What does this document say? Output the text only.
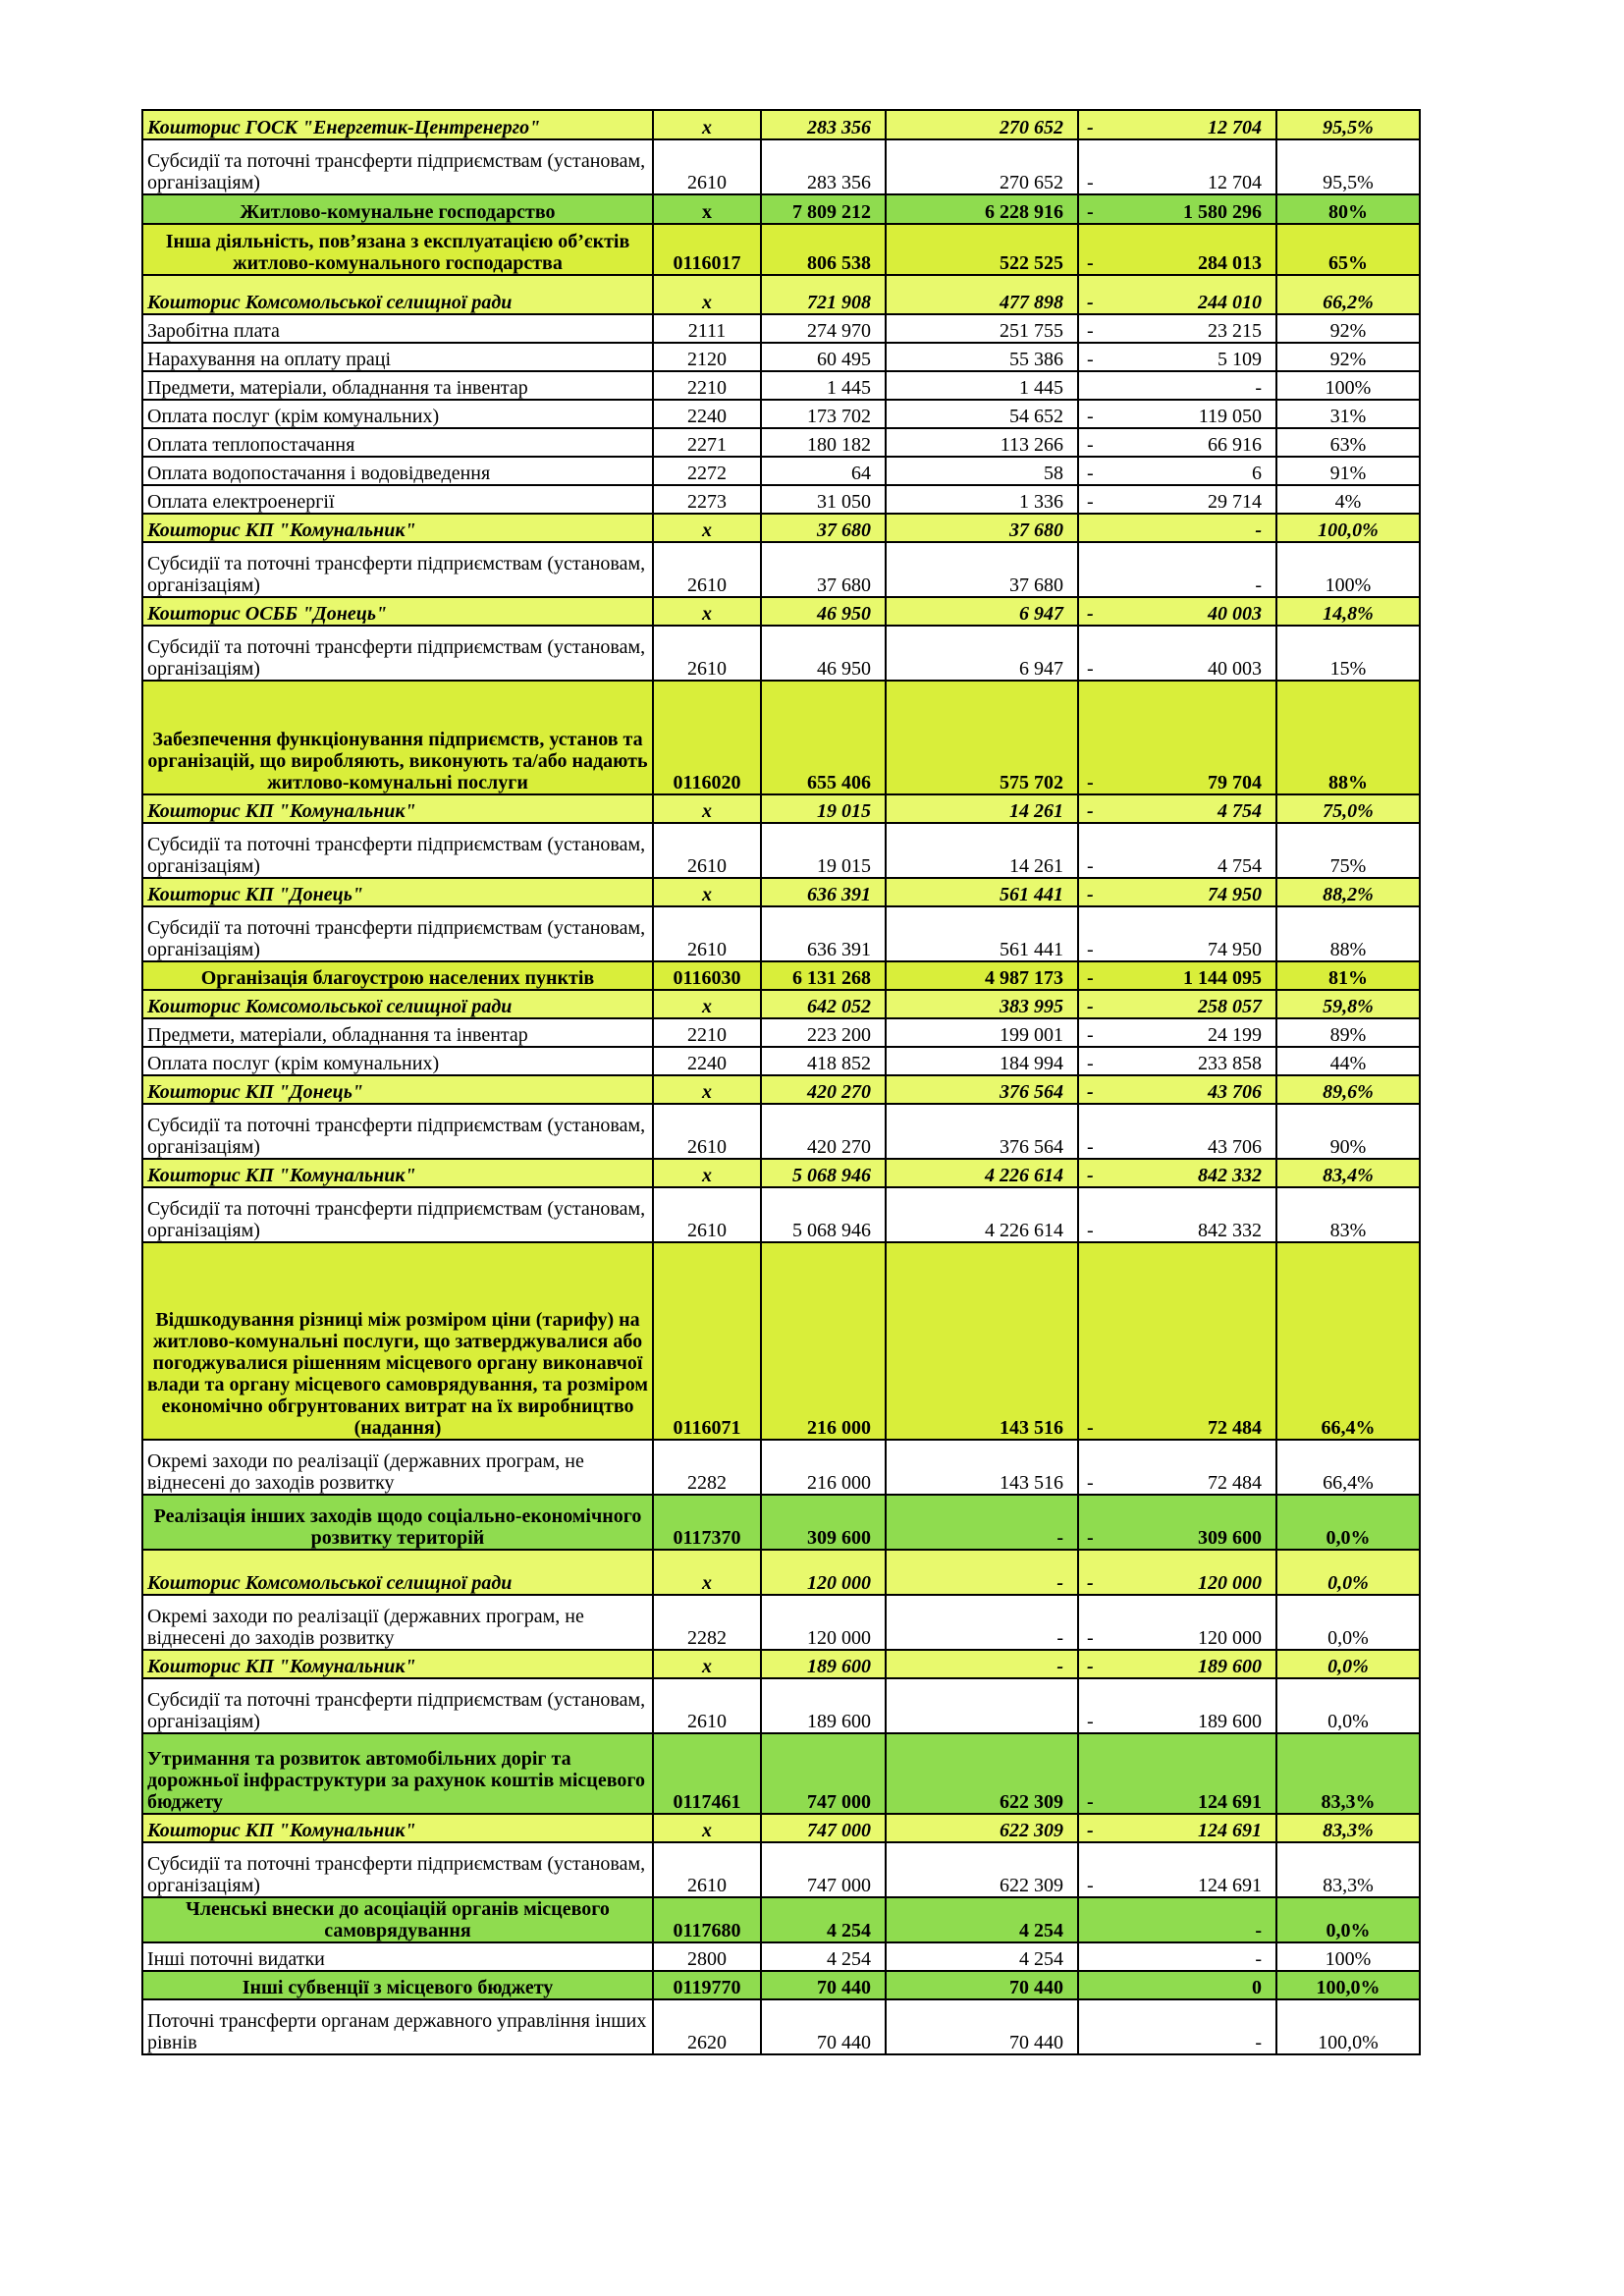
Кошторис ГОСК "Енергетик-Центренерго"	х	283 356	270 652	- 12 704	95,5%
Субсидії та поточні трансферти підприємствам (установам, організаціям)	2610	283 356	270 652	- 12 704	95,5%
Житлово-комунальне господарство	х	7 809 212	6 228 916	- 1 580 296	80%
Інша діяльність, пов’язана з експлуатацією об’єктів житлово-комунального господарства	0116017	806 538	522 525	- 284 013	65%
Кошторис Комсомольської селищної ради	х	721 908	477 898	- 244 010	66,2%
Заробітна плата	2111	274 970	251 755	- 23 215	92%
Нарахування на оплату праці	2120	60 495	55 386	- 5 109	92%
Предмети, матеріали, обладнання та інвентар	2210	1 445	1 445	-	100%
Оплата послуг (крім комунальних)	2240	173 702	54 652	- 119 050	31%
Оплата теплопостачання	2271	180 182	113 266	- 66 916	63%
Оплата водопостачання і водовідведення	2272	64	58	- 6	91%
Оплата електроенергії	2273	31 050	1 336	- 29 714	4%
Кошторис КП "Комунальник"	х	37 680	37 680	-	100,0%
Субсидії та поточні трансферти підприємствам (установам, організаціям)	2610	37 680	37 680	-	100%
Кошторис ОСББ "Донець"	х	46 950	6 947	- 40 003	14,8%
Субсидії та поточні трансферти підприємствам (установам, організаціям)	2610	46 950	6 947	- 40 003	15%
Забезпечення функціонування підприємств, установ та організацій, що виробляють, виконують та/або надають житлово-комунальні послуги	0116020	655 406	575 702	- 79 704	88%
Кошторис КП "Комунальник"	х	19 015	14 261	- 4 754	75,0%
Субсидії та поточні трансферти підприємствам (установам, організаціям)	2610	19 015	14 261	- 4 754	75%
Кошторис КП "Донець"	х	636 391	561 441	- 74 950	88,2%
Субсидії та поточні трансферти підприємствам (установам, організаціям)	2610	636 391	561 441	- 74 950	88%
Організація благоустрою населених пунктів	0116030	6 131 268	4 987 173	- 1 144 095	81%
Кошторис Комсомольської селищної ради	х	642 052	383 995	- 258 057	59,8%
Предмети, матеріали, обладнання та інвентар	2210	223 200	199 001	- 24 199	89%
Оплата послуг (крім комунальних)	2240	418 852	184 994	- 233 858	44%
Кошторис КП "Донець"	х	420 270	376 564	- 43 706	89,6%
Субсидії та поточні трансферти підприємствам (установам, організаціям)	2610	420 270	376 564	- 43 706	90%
Кошторис КП "Комунальник"	х	5 068 946	4 226 614	- 842 332	83,4%
Субсидії та поточні трансферти підприємствам (установам, організаціям)	2610	5 068 946	4 226 614	- 842 332	83%
Відшкодування різниці між розміром ціни (тарифу) на житлово-комунальні послуги, що затверджувалися або погоджувалися рішенням місцевого органу виконавчої влади та органу місцевого самоврядування, та розміром економічно обгрунтованих витрат на їх виробництво (надання)	0116071	216 000	143 516	- 72 484	66,4%
Окремі заходи по реалізації (державних програм, не віднесені до заходів розвитку	2282	216 000	143 516	- 72 484	66,4%
Реалізація інших заходів щодо соціально-економічного розвитку територій	0117370	309 600	-	- 309 600	0,0%
Кошторис Комсомольської селищної ради	х	120 000	-	- 120 000	0,0%
Окремі заходи по реалізації (державних програм, не віднесені до заходів розвитку	2282	120 000	-	- 120 000	0,0%
Кошторис КП "Комунальник"	х	189 600	-	- 189 600	0,0%
Субсидії та поточні трансферти підприємствам (установам, організаціям)	2610	189 600		- 189 600	0,0%
Утримання та розвиток автомобільних доріг та дорожньої інфраструктури за рахунок коштів місцевого бюджету	0117461	747 000	622 309	- 124 691	83,3%
Кошторис КП "Комунальник"	х	747 000	622 309	- 124 691	83,3%
Субсидії та поточні трансферти підприємствам (установам, організаціям)	2610	747 000	622 309	- 124 691	83,3%
Членські внески до асоціацій органів місцевого самоврядування	0117680	4 254	4 254	-	0,0%
Інші поточні видатки	2800	4 254	4 254	-	100%
Інші субвенції з місцевого бюджету	0119770	70 440	70 440	0	100,0%
Поточні трансферти органам державного управління інших рівнів	2620	70 440	70 440	-	100,0%
